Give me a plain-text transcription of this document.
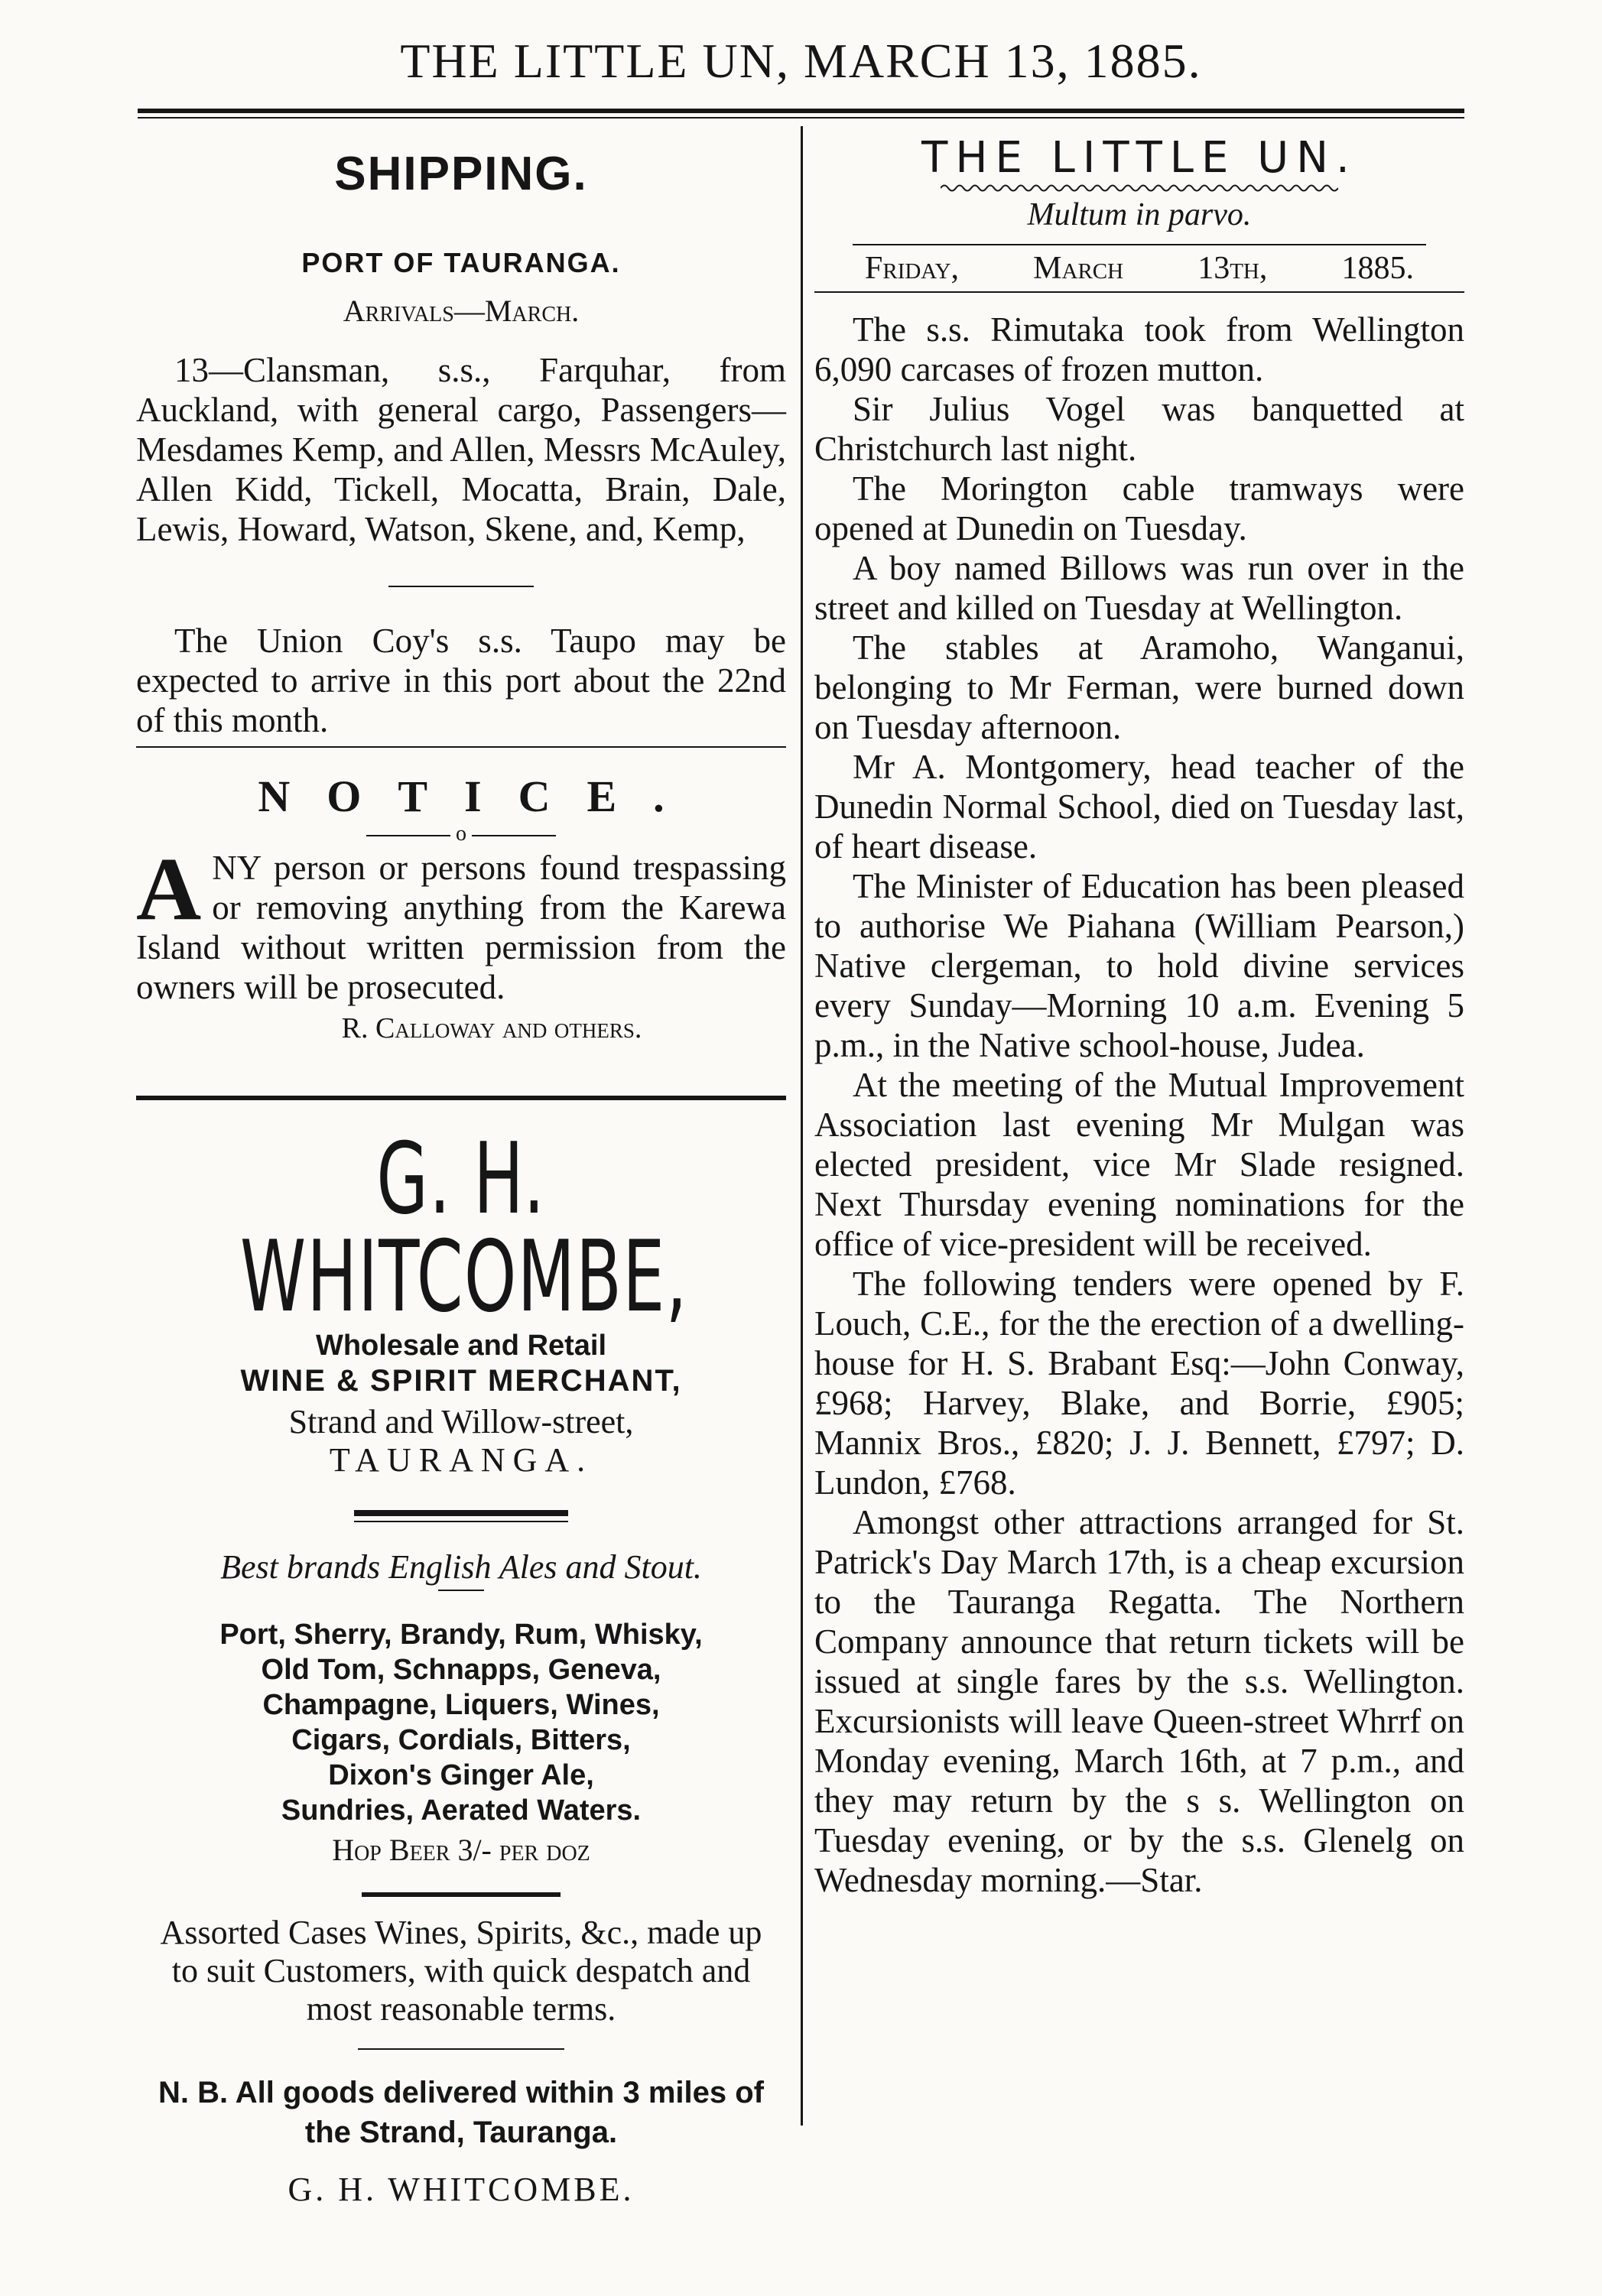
THE LITTLE UN, MARCH 13, 1885.
SHIPPING.
PORT OF TAURANGA.
Arrivals—March.

13—Clansman, s.s., Farquhar, from Auckland, with general cargo, Passengers—Mesdames Kemp, and Allen, Messrs McAuley, Allen Kidd, Tickell, Mocatta, Brain, Dale, Lewis, Howard, Watson, Skene, and, Kemp,

The Union Coy's s.s. Taupo may be expected to arrive in this port about the 22nd of this month.

NOTICE.
o
A NY person or persons found trespassing or removing anything from the Karewa Island without written permission from the owners will be prosecuted.
R. Calloway and others.
G. H. WHITCOMBE,
Wholesale and Retail
WINE & SPIRIT MERCHANT,
Strand and Willow-street,
TAURANGA.
Best brands English Ales and Stout.
Port, Sherry, Brandy, Rum, Whisky,
Old Tom, Schnapps, Geneva,
Champagne, Liquers, Wines,
Cigars, Cordials, Bitters,
Dixon's Ginger Ale,
Sundries, Aerated Waters.
Hop Beer 3/- per doz

Assorted Cases Wines, Spirits, &c., made up to suit Customers, with quick despatch and most reasonable terms.

N. B. All goods delivered within 3 miles of the Strand, Tauranga.

G. H. WHITCOMBE.
THE LITTLE UN.
Multum in parvo.
Friday, March 13th, 1885.

The s.s. Rimutaka took from Wellington 6,090 carcases of frozen mutton.

Sir Julius Vogel was banquetted at Christchurch last night.

The Morington cable tramways were opened at Dunedin on Tuesday.

A boy named Billows was run over in the street and killed on Tuesday at Wellington.

The stables at Aramoho, Wanganui, belonging to Mr Ferman, were burned down on Tuesday afternoon.

Mr A. Montgomery, head teacher of the Dunedin Normal School, died on Tuesday last, of heart disease.

The Minister of Education has been pleased to authorise We Piahana (William Pearson,) Native clergeman, to hold divine services every Sunday—Morning 10 a.m. Evening 5 p.m., in the Native school-house, Judea.

At the meeting of the Mutual Improvement Association last evening Mr Mulgan was elected president, vice Mr Slade resigned. Next Thursday evening nominations for the office of vice-president will be received.

The following tenders were opened by F. Louch, C.E., for the the erection of a dwelling-house for H. S. Brabant Esq:—John Conway, £968; Harvey, Blake, and Borrie, £905; Mannix Bros., £820; J. J. Bennett, £797; D. Lundon, £768.

Amongst other attractions arranged for St. Patrick's Day March 17th, is a cheap excursion to the Tauranga Regatta. The Northern Company announce that return tickets will be issued at single fares by the s.s. Wellington. Excursionists will leave Queen-street Whrrf on Monday evening, March 16th, at 7 p.m., and they may return by the s s. Wellington on Tuesday evening, or by the s.s. Glenelg on Wednesday morning.—Star.
